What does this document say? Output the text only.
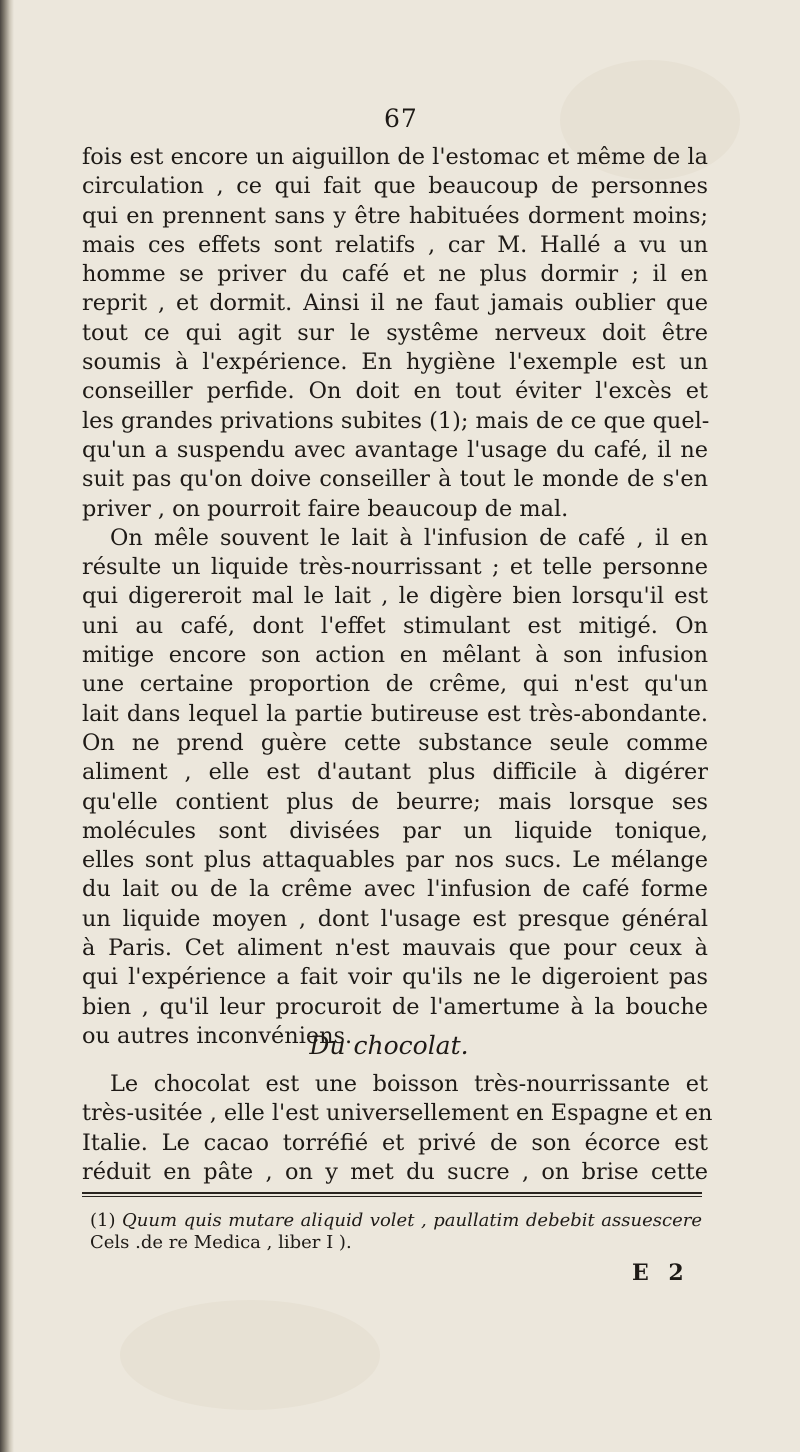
67
fois est encore un aiguillon de l'estomac et même de la
circulation , ce qui fait que beaucoup de personnes
qui en prennent sans y être habituées dorment moins;
mais ces effets sont relatifs , car M. Hallé a vu un
homme se priver du café et ne plus dormir ; il en
reprit , et dormit. Ainsi il ne faut jamais oublier que
tout ce qui agit sur le systême nerveux doit être
soumis à l'expérience. En hygiène l'exemple est un
conseiller perfide. On doit en tout éviter l'excès et
les grandes privations subites (1); mais de ce que quel-
qu'un a suspendu avec avantage l'usage du café, il ne
suit pas qu'on doive conseiller à tout le monde de s'en
priver , on pourroit faire beaucoup de mal.
On mêle souvent le lait à l'infusion de café , il en
résulte un liquide très-nourrissant ; et telle personne
qui digereroit mal le lait , le digère bien lorsqu'il est
uni au café, dont l'effet stimulant est mitigé. On
mitige encore son action en mêlant à son infusion
une certaine proportion de crême, qui n'est qu'un
lait dans lequel la partie butireuse est très-abondante.
On ne prend guère cette substance seule comme
aliment , elle est d'autant plus difficile à digérer
qu'elle contient plus de beurre; mais lorsque ses
molécules sont divisées par un liquide tonique,
elles sont plus attaquables par nos sucs. Le mélange
du lait ou de la crême avec l'infusion de café forme
un liquide moyen , dont l'usage est presque général
à Paris. Cet aliment n'est mauvais que pour ceux à
qui l'expérience a fait voir qu'ils ne le digeroient pas
bien , qu'il leur procuroit de l'amertume à la bouche
ou autres inconvéniens.
Du chocolat.
Le chocolat est une boisson très-nourrissante et
très-usitée , elle l'est universellement en Espagne et en
Italie. Le cacao torréfié et privé de son écorce est
réduit en pâte , on y met du sucre , on brise cette
(1) Quum quis mutare aliquid volet , paullatim debebit assuescere
Cels .de re Medica , liber I ).
E 2
